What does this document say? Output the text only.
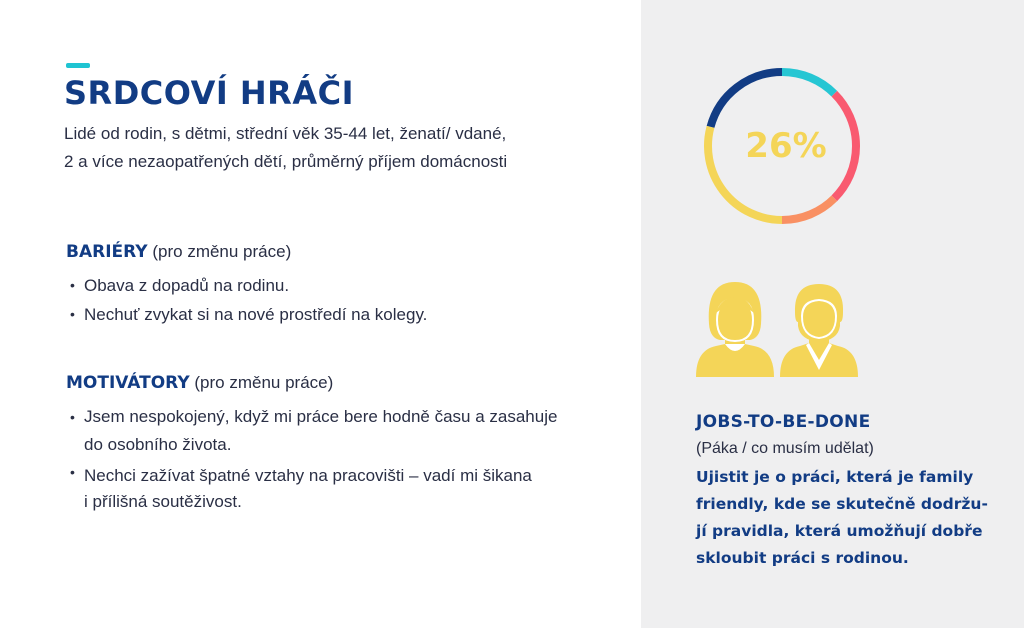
SRDCOVÍ HRÁČI
Lidé od rodin, s dětmi, střední věk 35-44 let, ženatí/ vdané,
2 a více nezaopatřených dětí, průměrný příjem domácnosti
BARIÉRY (pro změnu práce)
• Obava z dopadů na rodinu.
• Nechuť zvykat si na nové prostředí na kolegy.
MOTIVÁTORY (pro změnu práce)
• Jsem nespokojený, když mi práce bere hodně času a zasahuje
do osobního života.
• Nechci zažívat špatné vztahy na pracovišti – vadí mi šikana
i přílišná soutěživost.
26%
JOBS-TO-BE-DONE
(Páka / co musím udělat)
Ujistit je o práci, která je family
friendly, kde se skutečně dodržu-
jí pravidla, která umožňují dobře
skloubit práci s rodinou.
